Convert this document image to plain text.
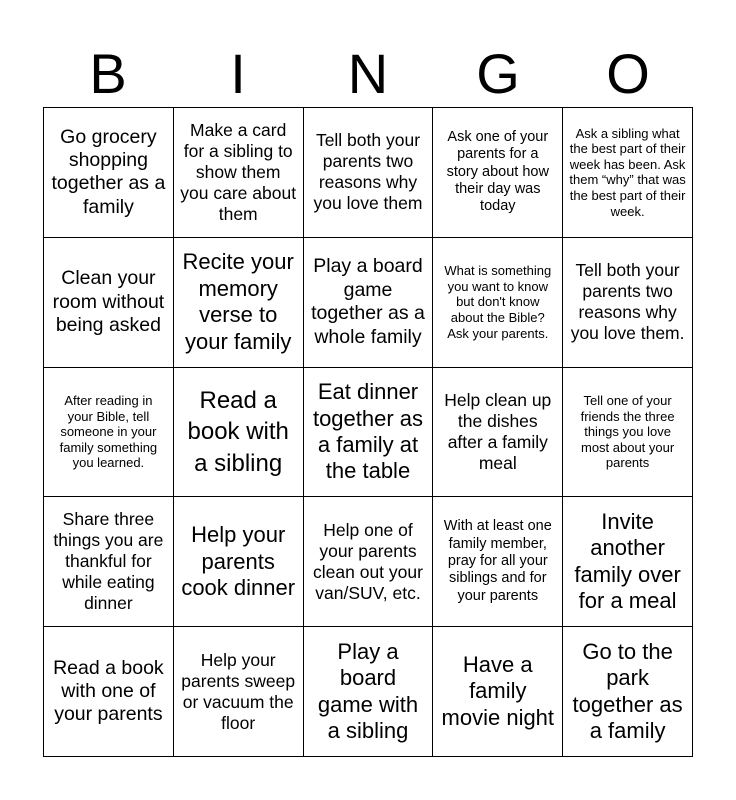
B	I	N	G	O
Go grocery shopping together as a family
Make a card for a sibling to show them you care about them
Tell both your parents two reasons why you love them
Ask one of your parents for a story about how their day was today
Ask a sibling what the best part of their week has been. Ask them “why” that was the best part of their week.
Clean your room without being asked
Recite your memory verse to your family
Play a board game together as a whole family
What is something you want to know but don't know about the Bible? Ask your parents.
Tell both your parents two reasons why you love them.
After reading in your Bible, tell someone in your family something you learned.
Read a book with a sibling
Eat dinner together as a family at the table
Help clean up the dishes after a family meal
Tell one of your friends the three things you love most about your parents
Share three things you are thankful for while eating dinner
Help your parents cook dinner
Help one of your parents clean out your van/SUV, etc.
With at least one family member, pray for all your siblings and for your parents
Invite another family over for a meal
Read a book with one of your parents
Help your parents sweep or vacuum the floor
Play a board game with a sibling
Have a family movie night
Go to the park together as a family
